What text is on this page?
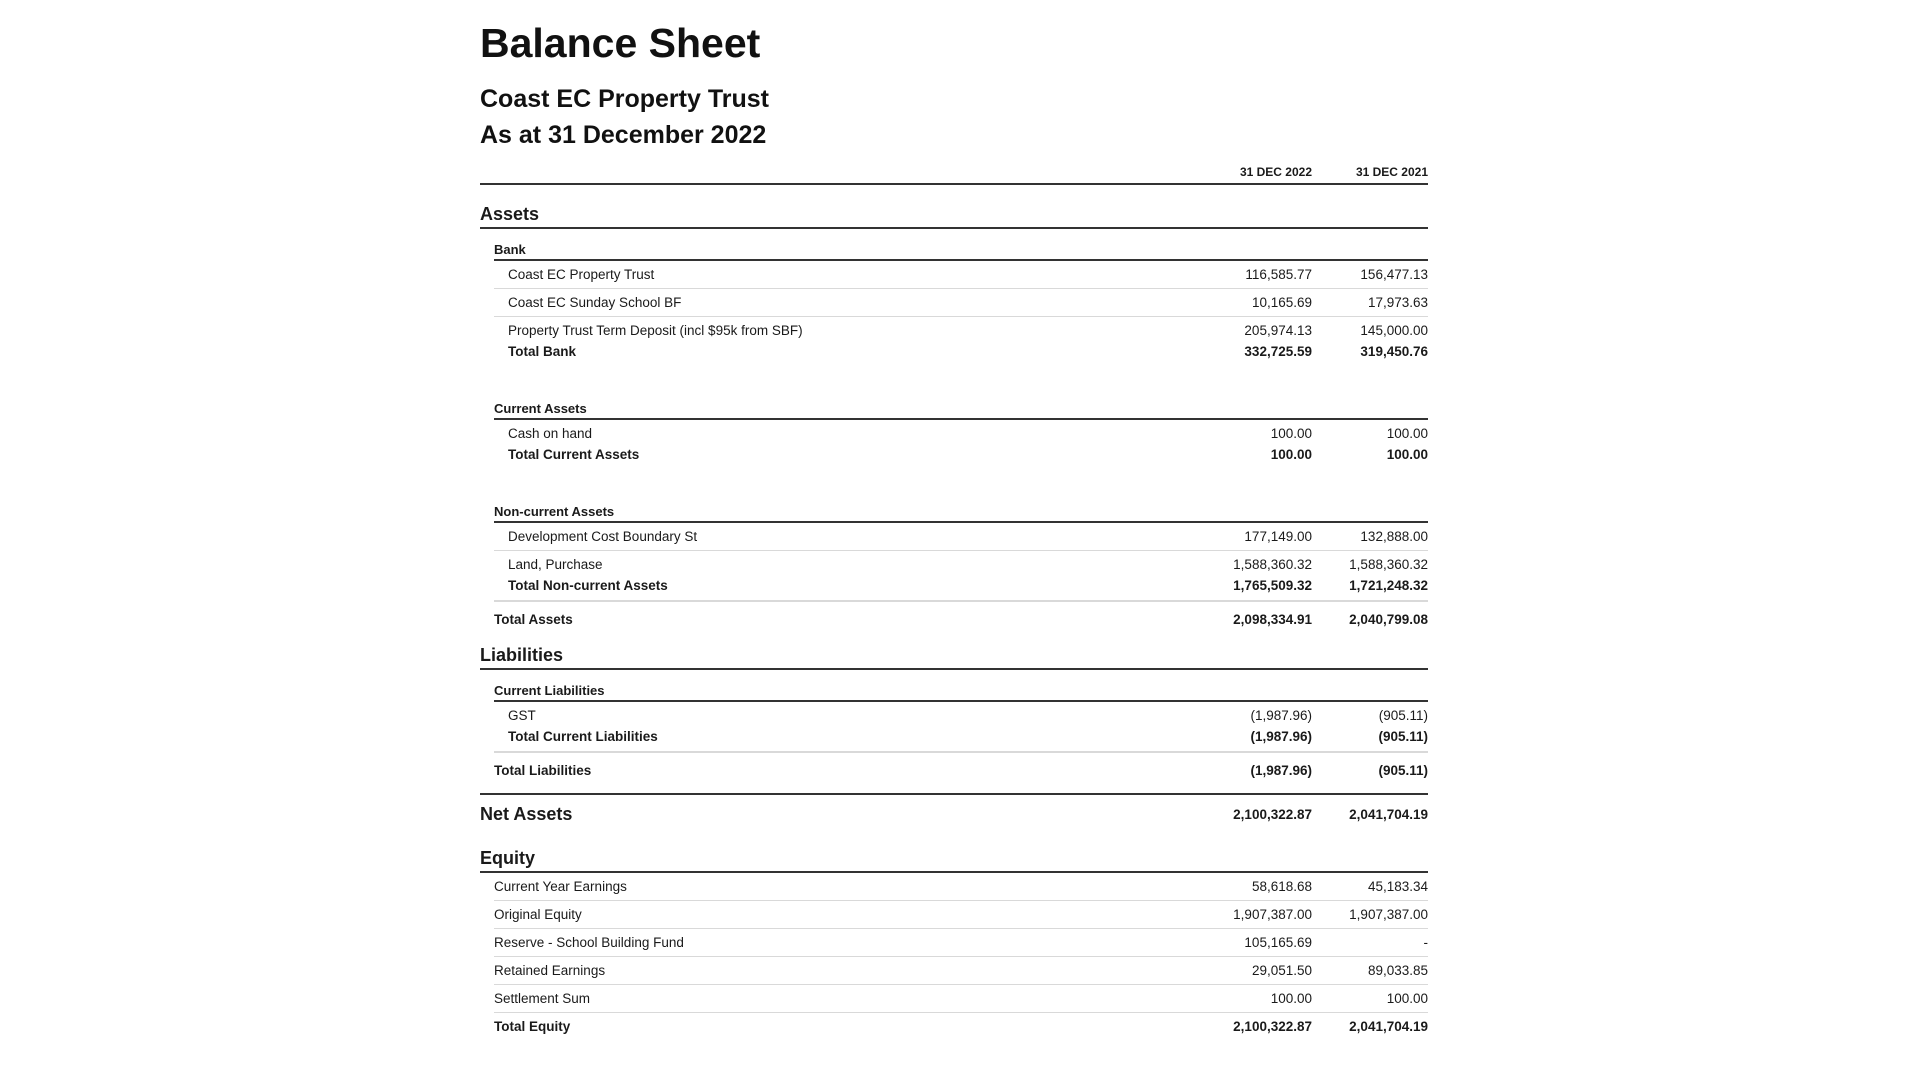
Balance Sheet
Coast EC Property Trust
As at 31 December 2022
31 DEC 2022	31 DEC 2021
Assets
Bank
Coast EC Property Trust	116,585.77	156,477.13
Coast EC Sunday School BF	10,165.69	17,973.63
Property Trust Term Deposit (incl $95k from SBF)	205,974.13	145,000.00
Total Bank	332,725.59	319,450.76
Current Assets
Cash on hand	100.00	100.00
Total Current Assets	100.00	100.00
Non-current Assets
Development Cost Boundary St	177,149.00	132,888.00
Land, Purchase	1,588,360.32	1,588,360.32
Total Non-current Assets	1,765,509.32	1,721,248.32
Total Assets	2,098,334.91	2,040,799.08
Liabilities
Current Liabilities
GST	(1,987.96)	(905.11)
Total Current Liabilities	(1,987.96)	(905.11)
Total Liabilities	(1,987.96)	(905.11)
Net Assets	2,100,322.87	2,041,704.19
Equity
Current Year Earnings	58,618.68	45,183.34
Original Equity	1,907,387.00	1,907,387.00
Reserve - School Building Fund	105,165.69	-
Retained Earnings	29,051.50	89,033.85
Settlement Sum	100.00	100.00
Total Equity	2,100,322.87	2,041,704.19
